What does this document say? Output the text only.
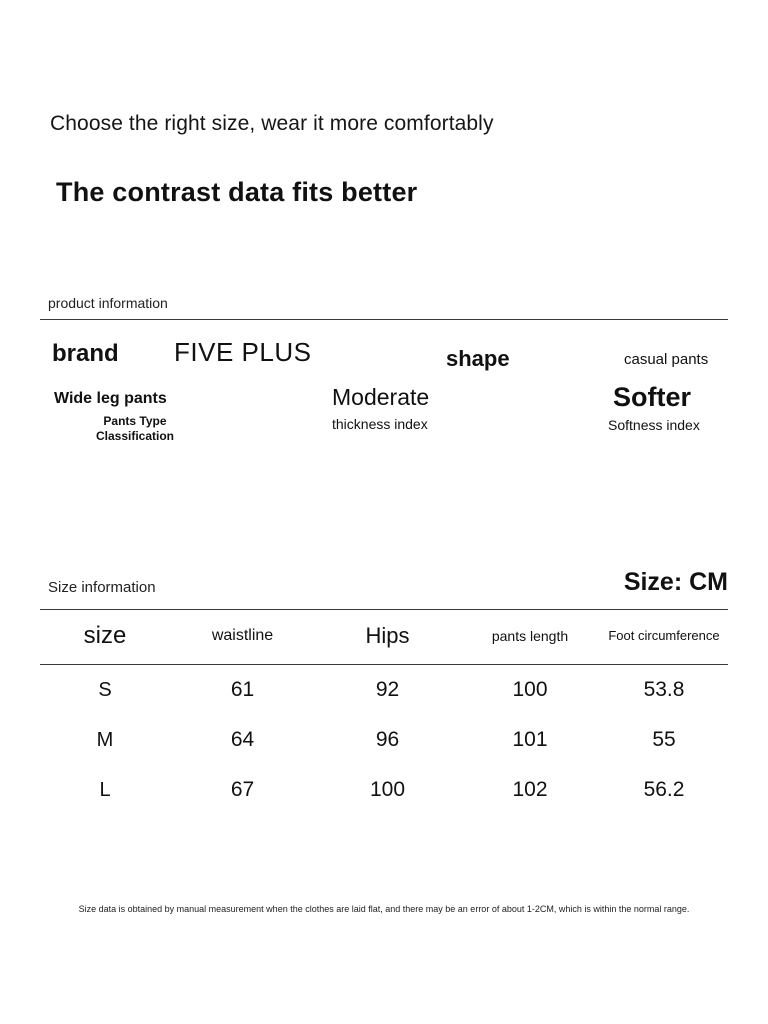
Choose the right size, wear it more comfortably
The contrast data fits better
product information
brand FIVE PLUS	shape	casual pants
Wide leg pants
Pants Type Classification
Moderate
thickness index
Softer
Softness index
Size information	Size: CM
size	waistline	Hips	pants length	Foot circumference
S	61	92	100	53.8
M	64	96	101	55
L	67	100	102	56.2
Size data is obtained by manual measurement when the clothes are laid flat, and there may be an error of about 1-2CM, which is within the normal range.
